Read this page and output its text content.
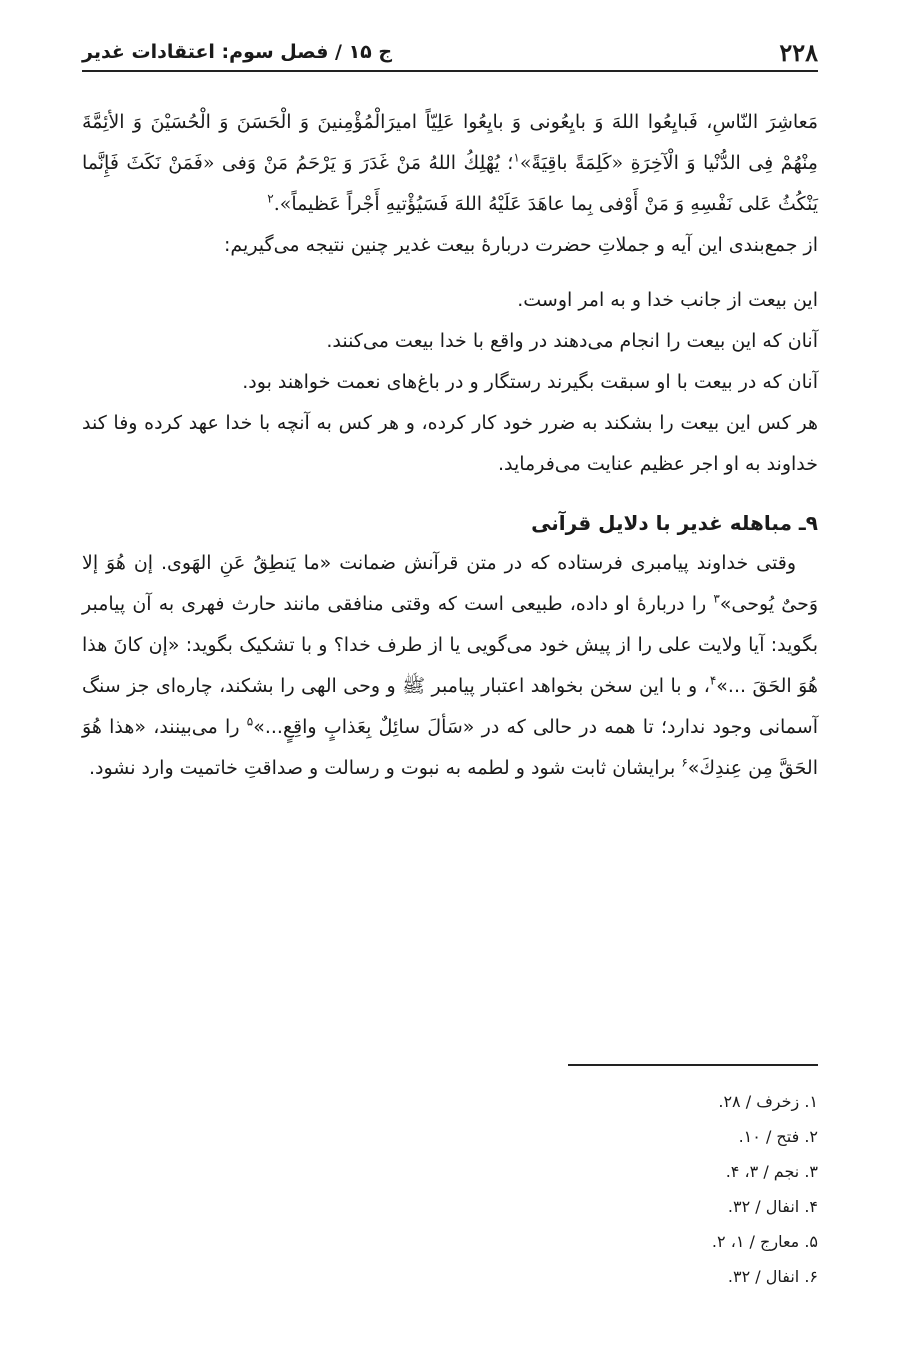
۲۲۸
ج ۱۵ / فصل سوم: اعتقادات غدیر

مَعاشِرَ النّاسِ، فَبايِعُوا اللهَ وَ بايِعُونی وَ بايِعُوا عَلِيّاً اميرَالْمُؤْمِنينَ وَ الْحَسَنَ وَ الْحُسَيْنَ وَ الأئِمَّةَ مِنْهُمْ فِی الدُّنْيا وَ الْآخِرَةِ «كَلِمَةً باقِيَةً»$^۱$؛ يُهْلِكُ اللهُ مَنْ غَدَرَ وَ يَرْحَمُ مَنْ وَفی «فَمَنْ نَكَثَ فَإِنَّما يَنْكُثُ عَلی نَفْسِهِ وَ مَنْ أَوْفی بِما عاهَدَ عَلَيْهُ اللهَ فَسَيُؤْتيهِ أَجْراً عَظيماً».$^۲$

از جمع‌بندی این آیه و جملاتِ حضرت دربارۀ بیعت غدیر چنین نتیجه می‌گیریم:

این بیعت از جانب خدا و به امر اوست.

آنان که این بیعت را انجام می‌دهند در واقع با خدا بیعت می‌کنند.

آنان که در بیعت با او سبقت بگیرند رستگار و در باغ‌های نعمت خواهند بود.

هر کس این بیعت را بشکند به ضرر خود کار کرده، و هر کس به آنچه با خدا عهد کرده وفا کند خداوند به او اجر عظیم عنایت می‌فرماید.

۹ـ مباهله غدیر با دلایل قرآنی

وقتی خداوند پیامبری فرستاده که در متن قرآنش ضمانت «ما يَنطِقُ عَنِ الهَوی. إن هُوَ إلا وَحیٌ يُوحی»$^۳$ را دربارۀ او داده، طبیعی است که وقتی منافقی مانند حارث فهری به آن پیامبر بگوید: آیا ولایت علی را از پیش خود می‌گویی یا از طرف خدا؟ و با تشکیک بگوید: «إن كانَ هذا هُوَ الحَقَ ...»$^۴$، و با این سخن بخواهد اعتبار پیامبر ﷺ و وحی الهی را بشکند، چاره‌ای جز سنگ آسمانی وجود ندارد؛ تا همه در حالی که در «سَألَ سائِلٌ بِعَذابٍ واقِعٍ...»$^۵$ را می‌بینند، «هذا هُوَ الحَقَّ مِن عِندِكَ»$^۶$ برایشان ثابت شود و لطمه به نبوت و رسالت و صداقتِ خاتمیت وارد نشود.

۱. زخرف / ۲۸.
۲. فتح / ۱۰.
۳. نجم / ۳، ۴.
۴. انفال / ۳۲.
۵. معارج / ۱، ۲.
۶. انفال / ۳۲.
